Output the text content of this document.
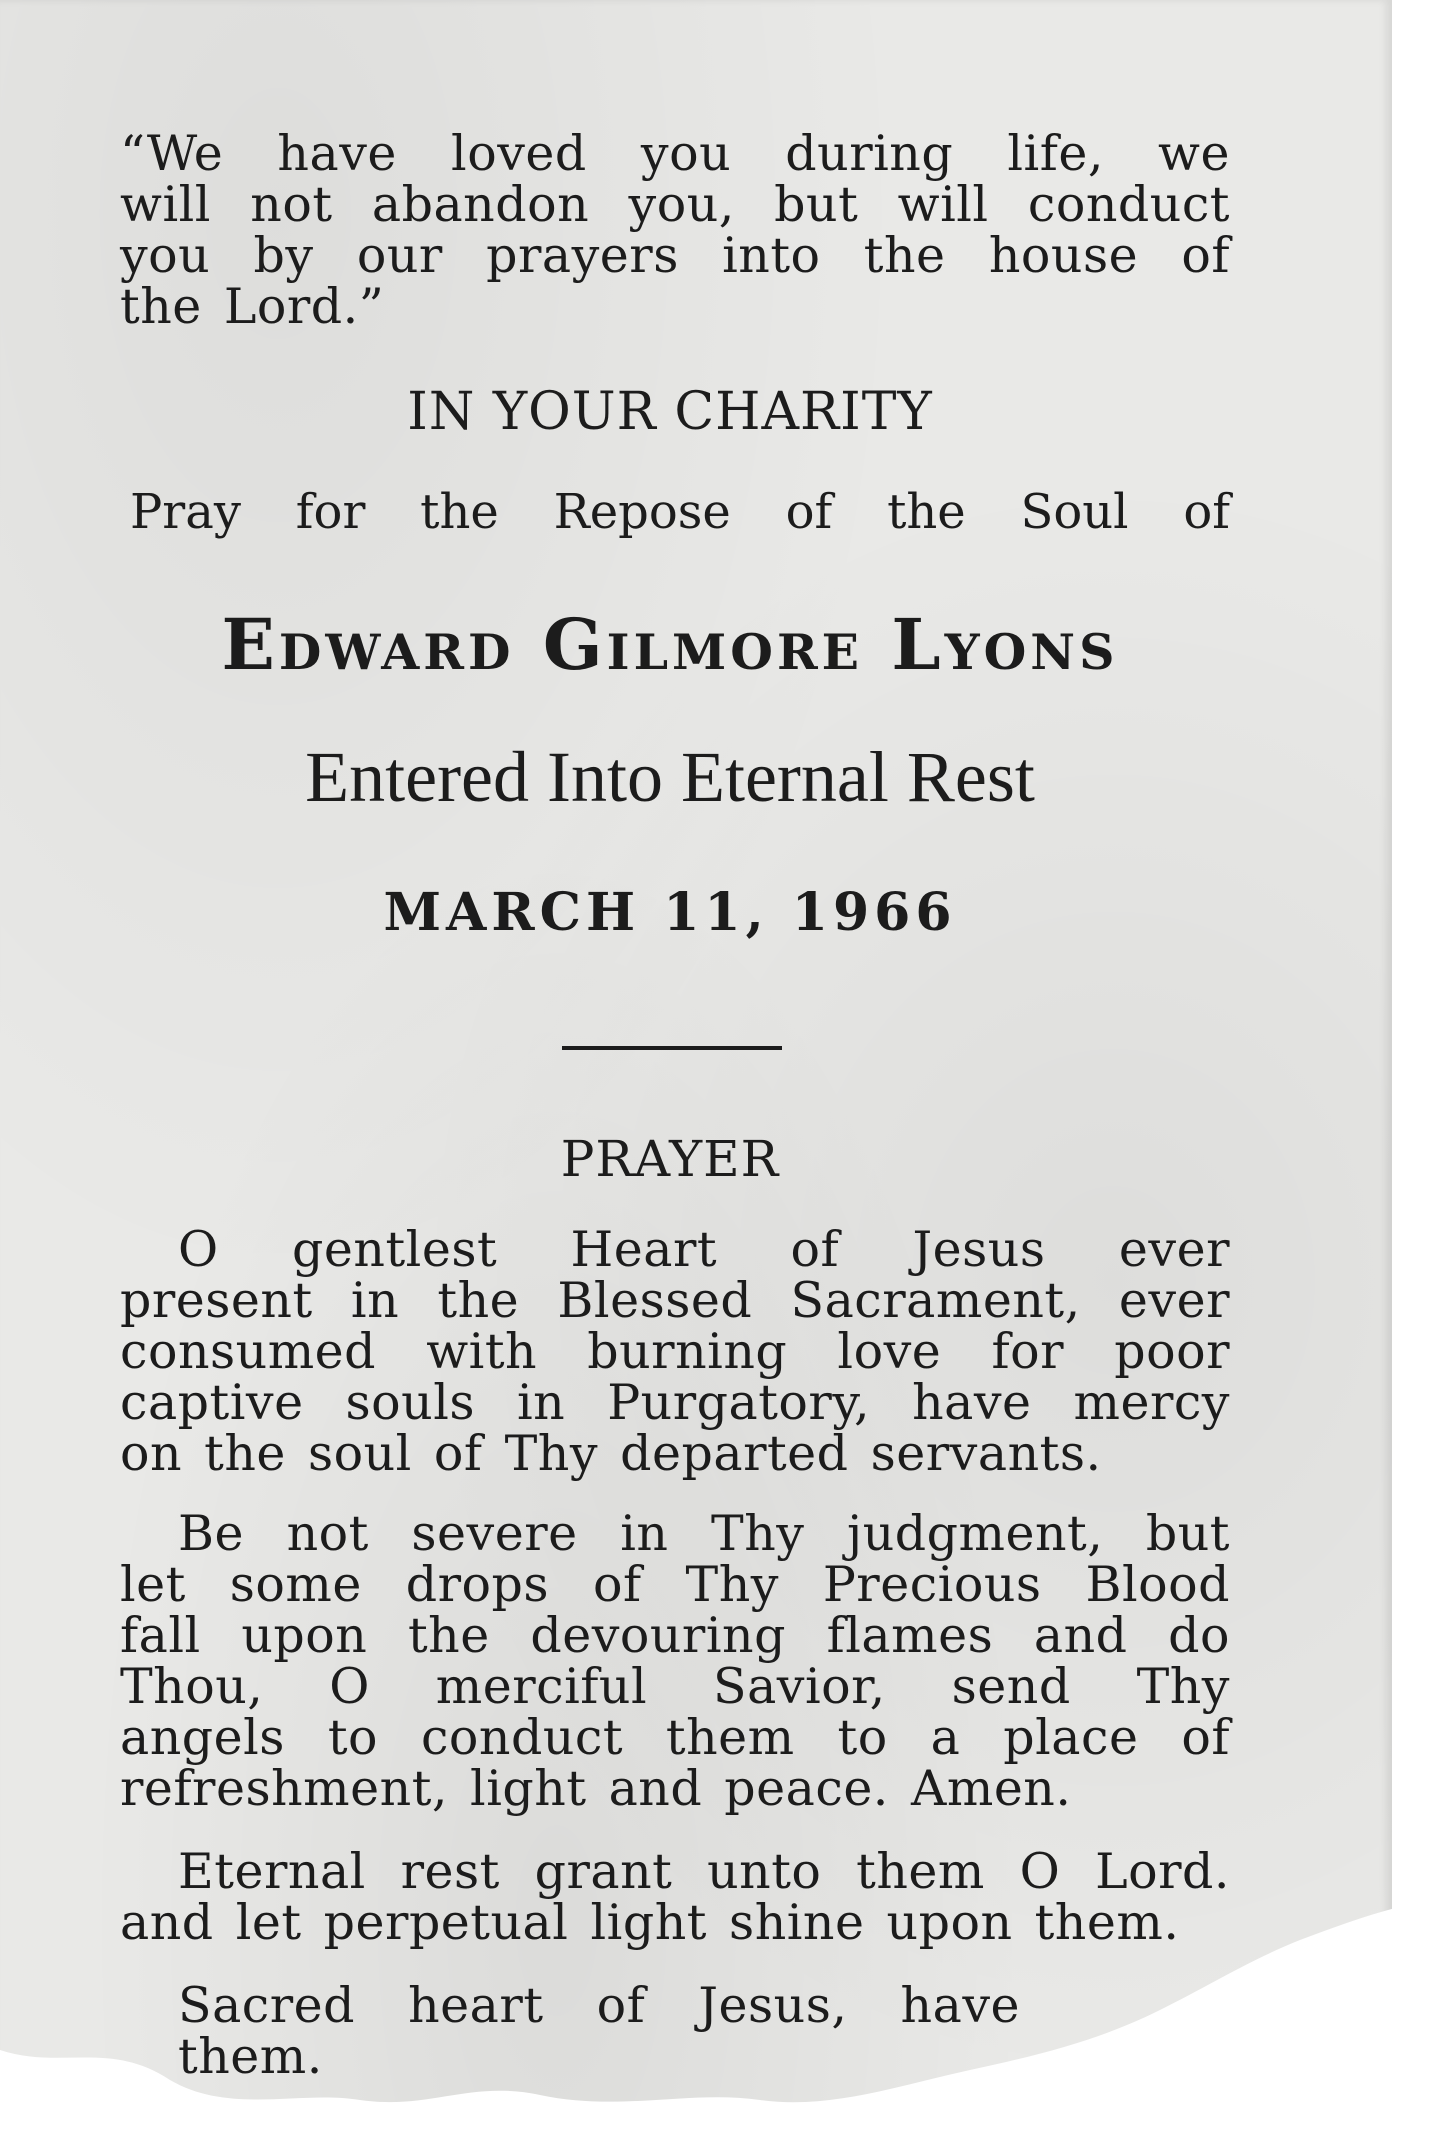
“We have loved you during life, we
will not abandon you, but will conduct
you by our prayers into the house of
the Lord.”
IN YOUR CHARITY
Pray for the Repose of the Soul of
Edward Gilmore Lyons
Entered Into Eternal Rest
MARCH 11, 1966
PRAYER
O gentlest Heart of Jesus ever
present in the Blessed Sacrament, ever
consumed with burning love for poor
captive souls in Purgatory, have mercy
on the soul of Thy departed servants.
Be not severe in Thy judgment, but
let some drops of Thy Precious Blood
fall upon the devouring flames and do
Thou, O merciful Savior, send Thy
angels to conduct them to a place of
refreshment, light and peace. Amen.
Eternal rest grant unto them O Lord.
and let perpetual light shine upon them.
Sacred heart of Jesus, have
them.
